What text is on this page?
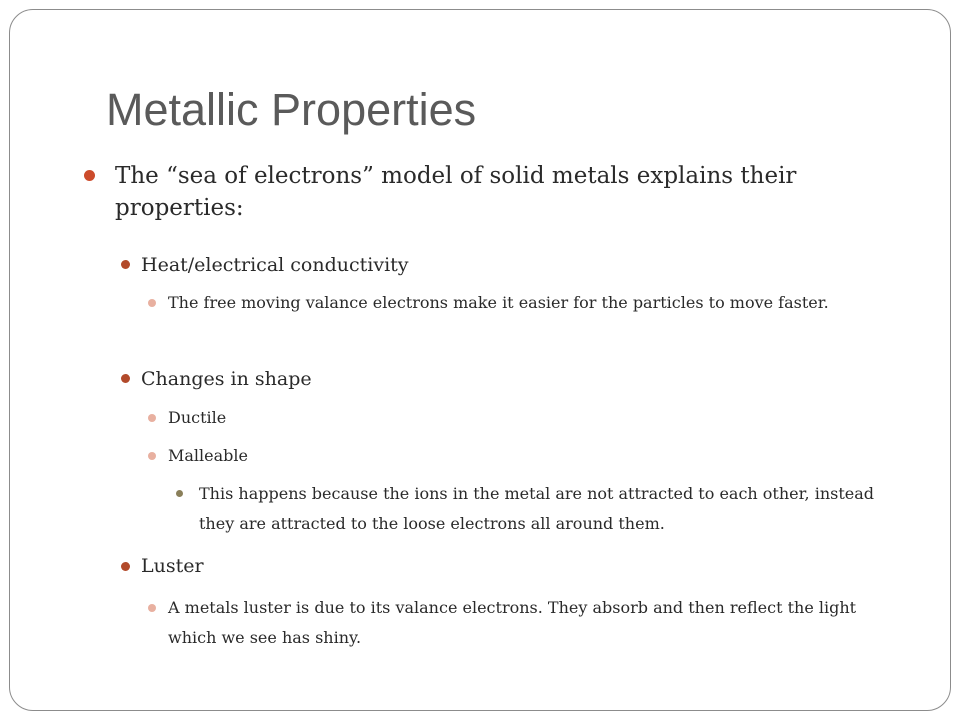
Metallic Properties
The “sea of electrons” model of solid metals explains their properties:
Heat/electrical conductivity
The free moving valance electrons make it easier for the particles to move faster.
Changes in shape
Ductile
Malleable
This happens because the ions in the metal are not attracted to each other, instead they are attracted to the loose electrons all around them.
Luster
A metals luster is due to its valance electrons. They absorb and then reflect the light which we see has shiny.
